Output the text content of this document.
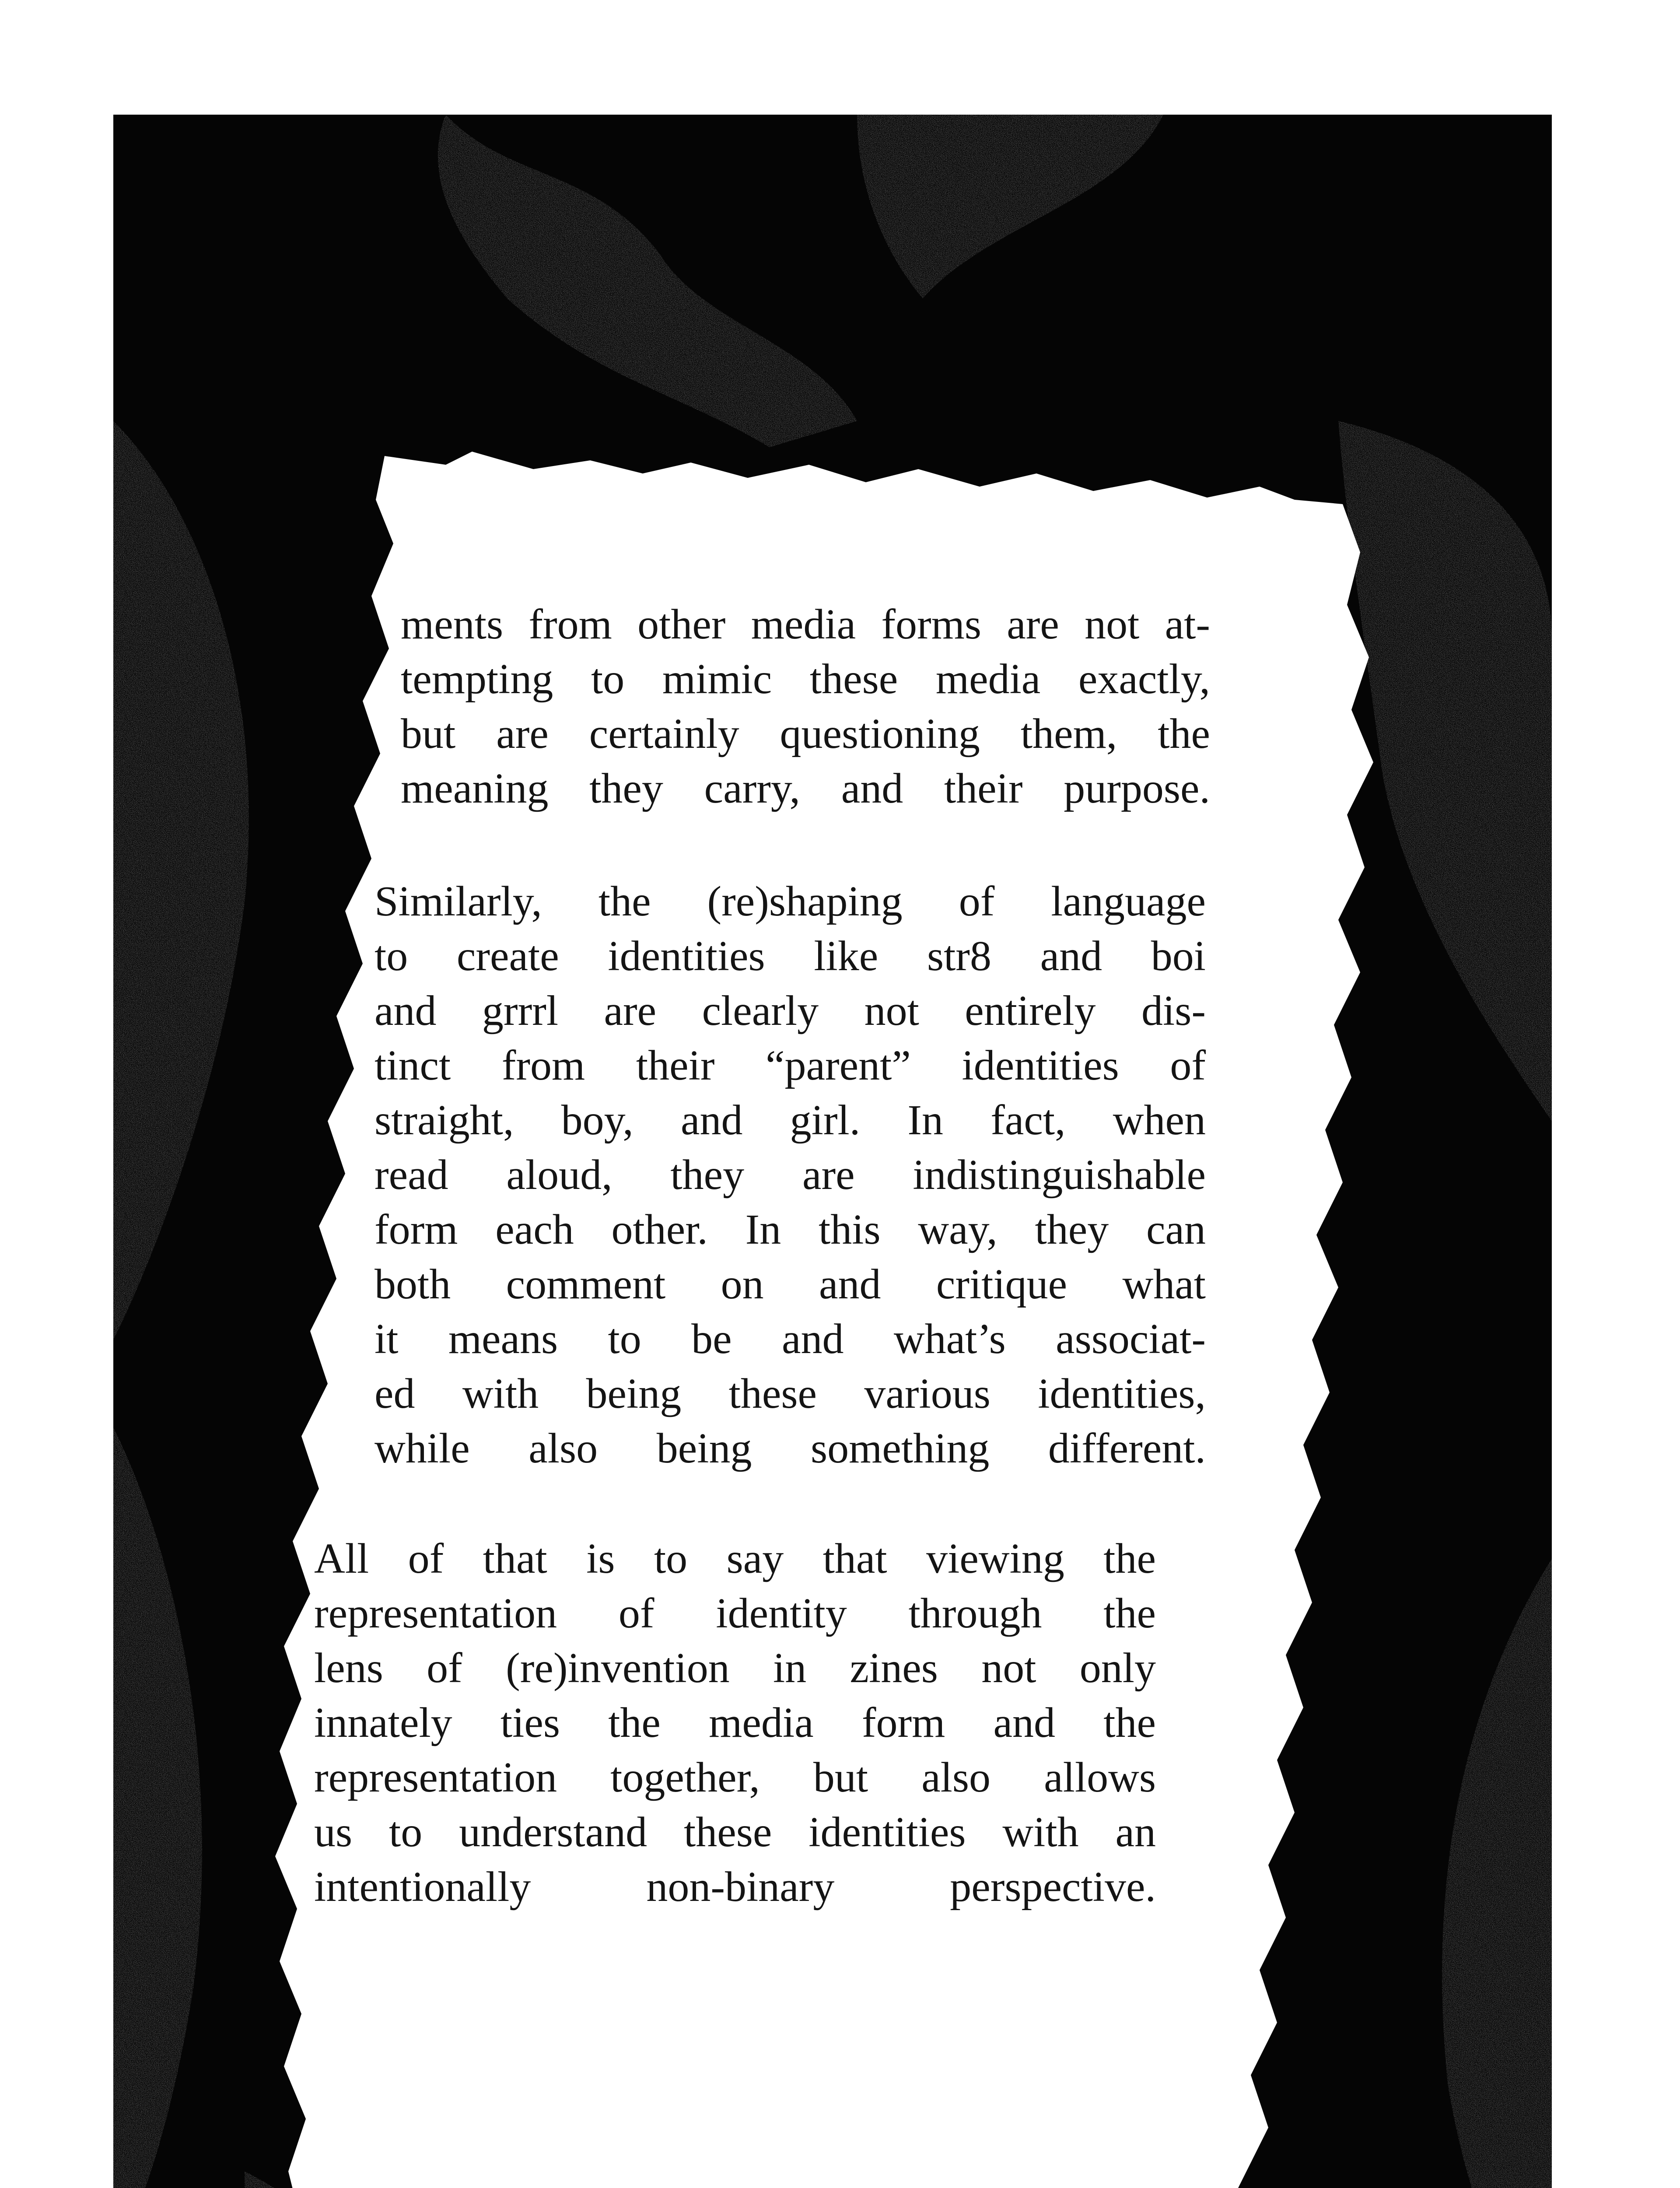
ments from other media forms are not at-
tempting to mimic these media exactly,
but are certainly questioning them, the
meaning they carry, and their purpose.
Similarly, the (re)shaping of language
to create identities like str8 and boi
and grrrl are clearly not entirely dis-
tinct from their “parent” identities of
straight, boy, and girl. In fact, when
read aloud, they are indistinguishable
form each other. In this way, they can
both comment on and critique what
it means to be and what’s associat-
ed with being these various identities,
while also being something different.
All of that is to say that viewing the
representation of identity through the
lens of (re)invention in zines not only
innately ties the media form and the
representation together, but also allows
us to understand these identities with an
intentionally non-binary perspective.
